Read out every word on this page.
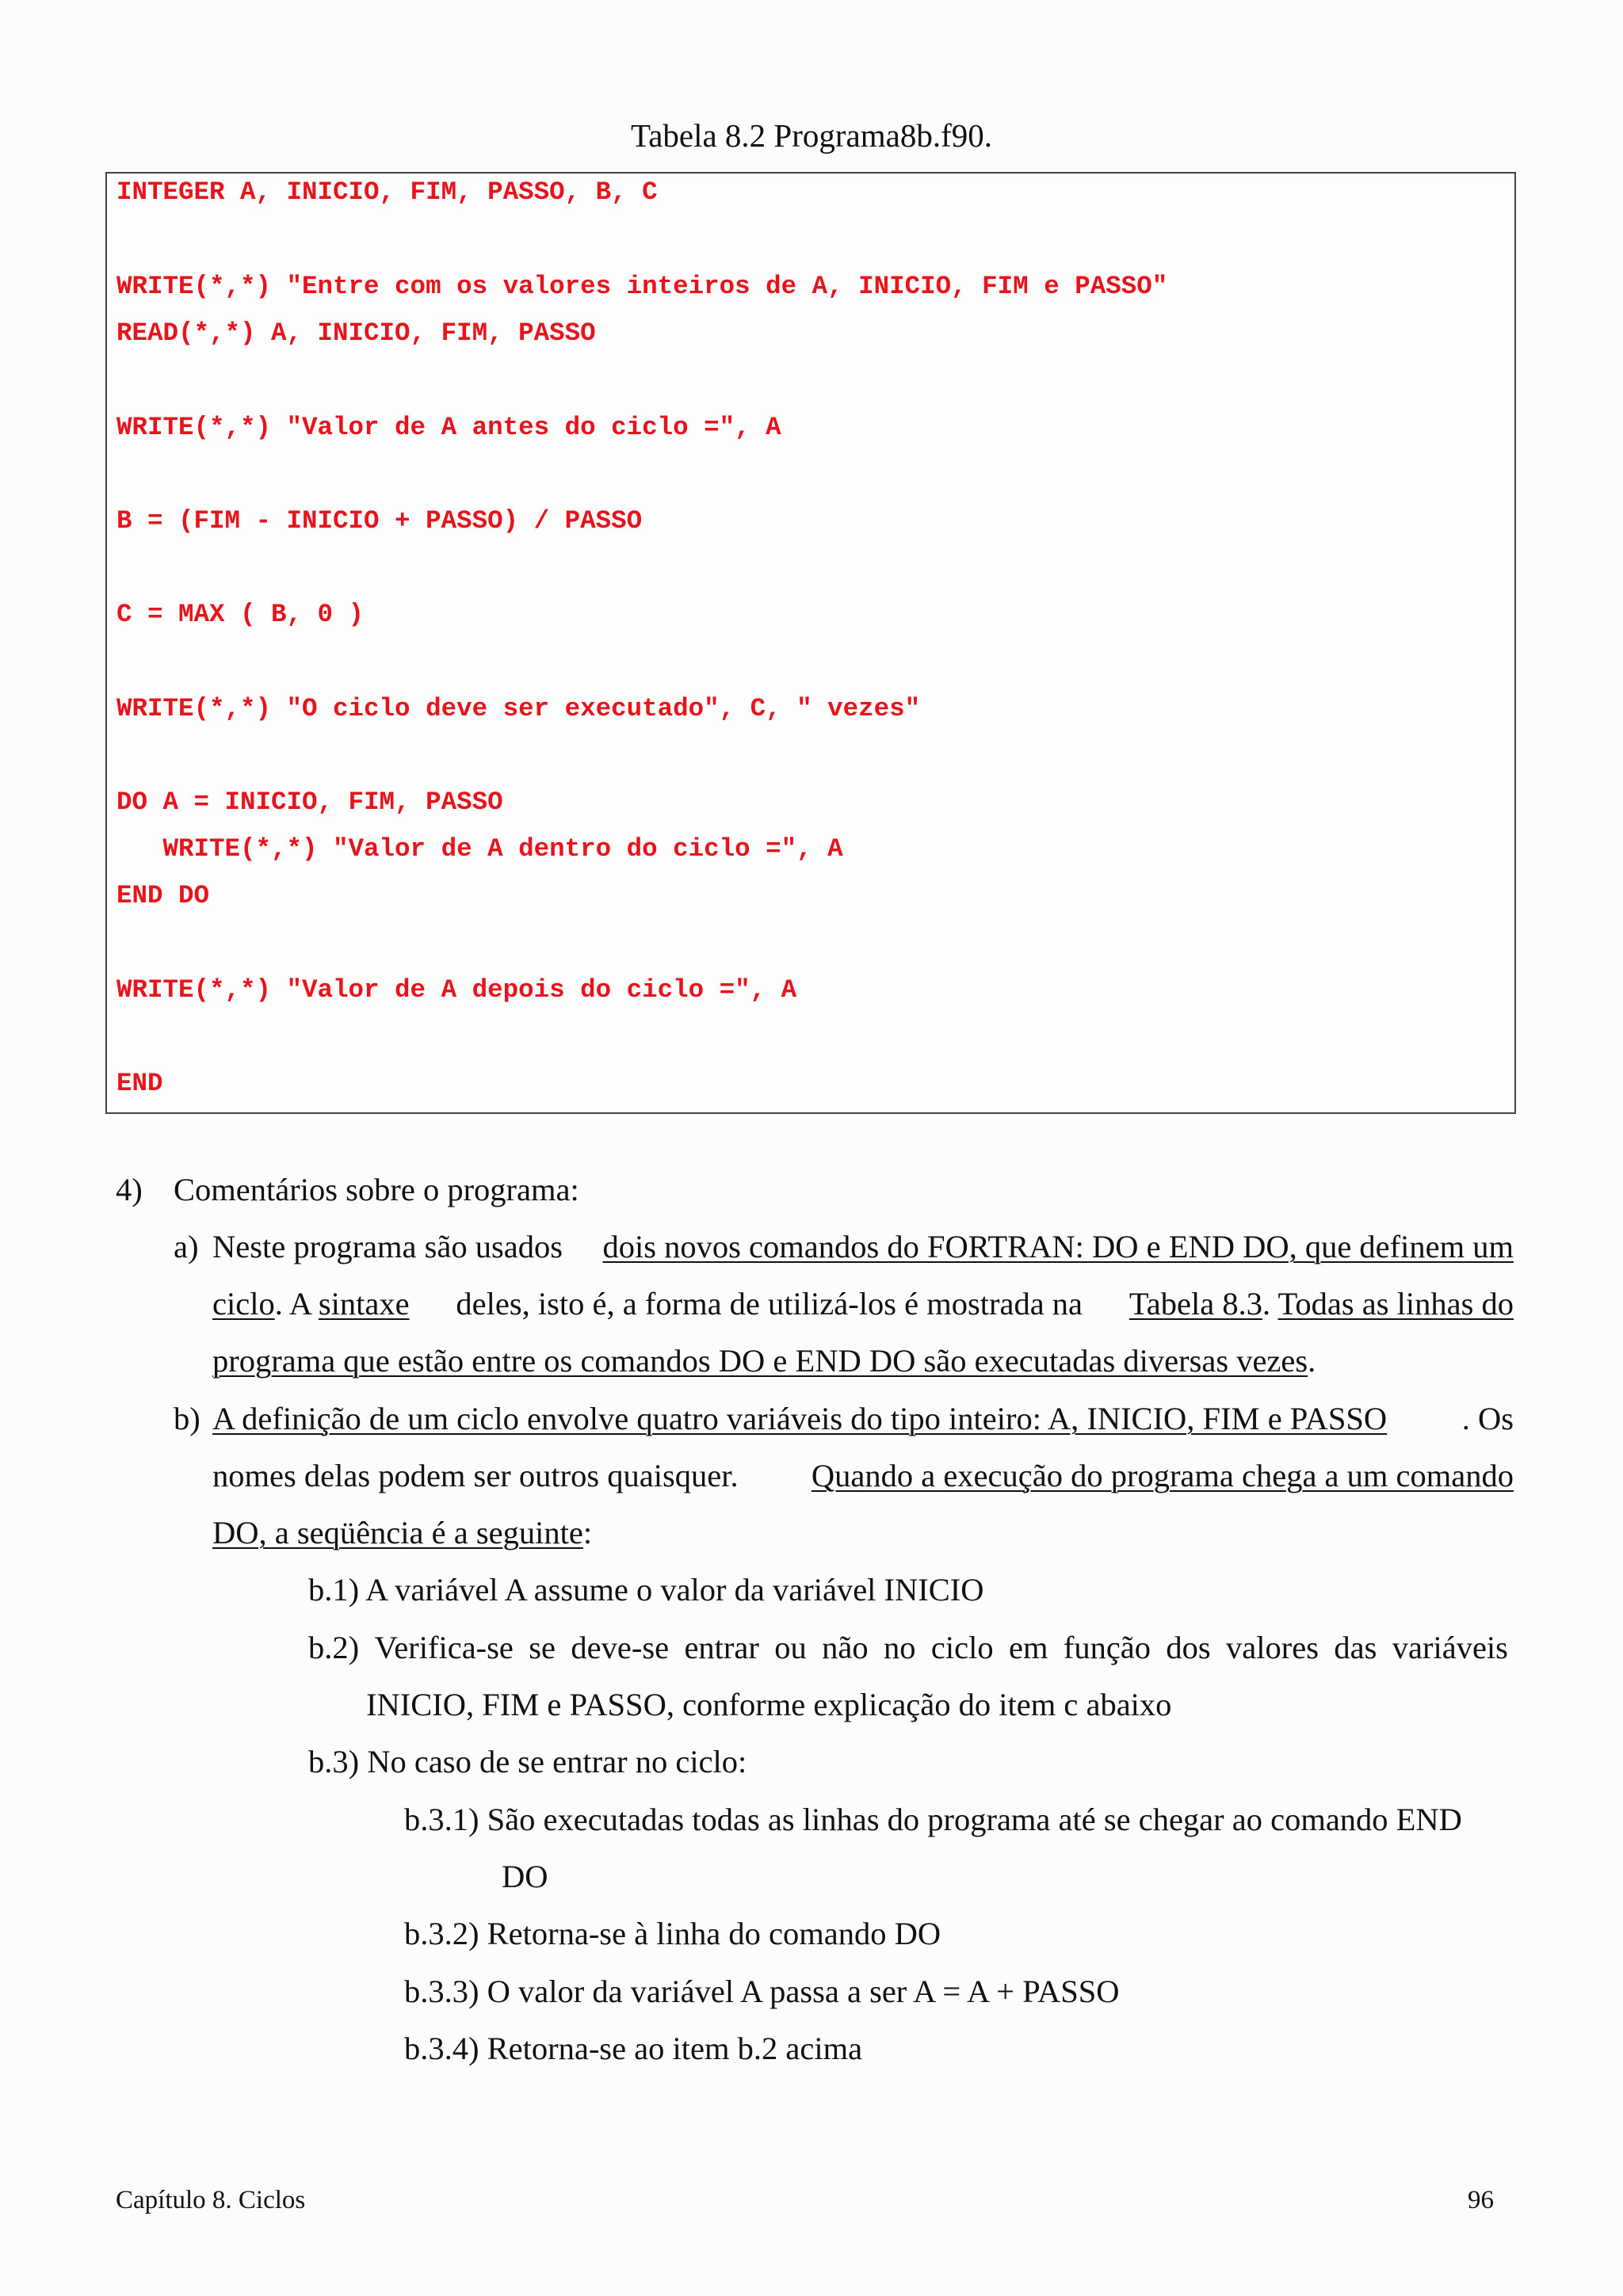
Tabela 8.2 Programa8b.f90.
INTEGER A, INICIO, FIM, PASSO, B, C
WRITE(*,*) "Entre com os valores inteiros de A, INICIO, FIM e PASSO"
READ(*,*) A, INICIO, FIM, PASSO
WRITE(*,*) "Valor de A antes do ciclo =", A
B = (FIM - INICIO + PASSO) / PASSO
C = MAX ( B, 0 )
WRITE(*,*) "O ciclo deve ser executado", C, " vezes"
DO A = INICIO, FIM, PASSO
WRITE(*,*) "Valor de A dentro do ciclo =", A
END DO
WRITE(*,*) "Valor de A depois do ciclo =", A
END
4) Comentários sobre o programa:
a) Neste programa são usados dois novos comandos do FORTRAN: DO e END DO, que definem um
ciclo. A sintaxe deles, isto é, a forma de utilizá-los é mostrada na Tabela 8.3. Todas as linhas do
programa que estão entre os comandos DO e END DO são executadas diversas vezes.
b) A definição de um ciclo envolve quatro variáveis do tipo inteiro: A, INICIO, FIM e PASSO . Os
nomes delas podem ser outros quaisquer. Quando a execução do programa chega a um comando
DO, a seqüência é a seguinte:
b.1) A variável A assume o valor da variável INICIO
b.2) Verifica-se se deve-se entrar ou não no ciclo em função dos valores das variáveis
INICIO, FIM e PASSO, conforme explicação do item c abaixo
b.3) No caso de se entrar no ciclo:
b.3.1) São executadas todas as linhas do programa até se chegar ao comando END
DO
b.3.2) Retorna-se à linha do comando DO
b.3.3) O valor da variável A passa a ser A = A + PASSO
b.3.4) Retorna-se ao item b.2 acima
Capítulo 8. Ciclos	96
